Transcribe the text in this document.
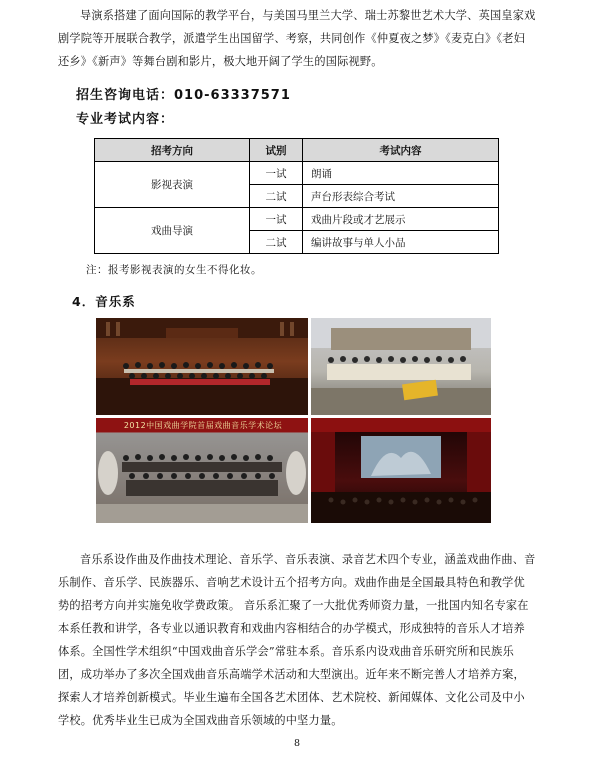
导演系搭建了面向国际的教学平台，与美国马里兰大学、瑞士苏黎世艺术大学、英国皇家戏剧学院等开展联合教学，派遣学生出国留学、考察，共同创作《仲夏夜之梦》《麦克白》《老妇还乡》《新声》等舞台剧和影片，极大地开阔了学生的国际视野。

招生咨询电话：010-63337571

专业考试内容：

招考方向	试别	考试内容
影视表演	一试	朗诵
	二试	声台形表综合考试
戏曲导演	一试	戏曲片段或才艺展示
	二试	编讲故事与单人小品

注：报考影视表演的女生不得化妆。

4．音乐系

2012中国戏曲学院首届戏曲音乐学术论坛

音乐系设作曲及作曲技术理论、音乐学、音乐表演、录音艺术四个专业，涵盖戏曲作曲、音乐制作、音乐学、民族器乐、音响艺术设计五个招考方向。戏曲作曲是全国最具特色和教学优势的招考方向并实施免收学费政策。 音乐系汇聚了一大批优秀师资力量，一批国内知名专家在本系任教和讲学，各专业以通识教育和戏曲内容相结合的办学模式，形成独特的音乐人才培养体系。全国性学术组织“中国戏曲音乐学会”常驻本系。音乐系内设戏曲音乐研究所和民族乐团，成功举办了多次全国戏曲音乐高端学术活动和大型演出。近年来不断完善人才培养方案，探索人才培养创新模式。毕业生遍布全国各艺术团体、艺术院校、新闻媒体、文化公司及中小学校。优秀毕业生已成为全国戏曲音乐领域的中坚力量。

8
